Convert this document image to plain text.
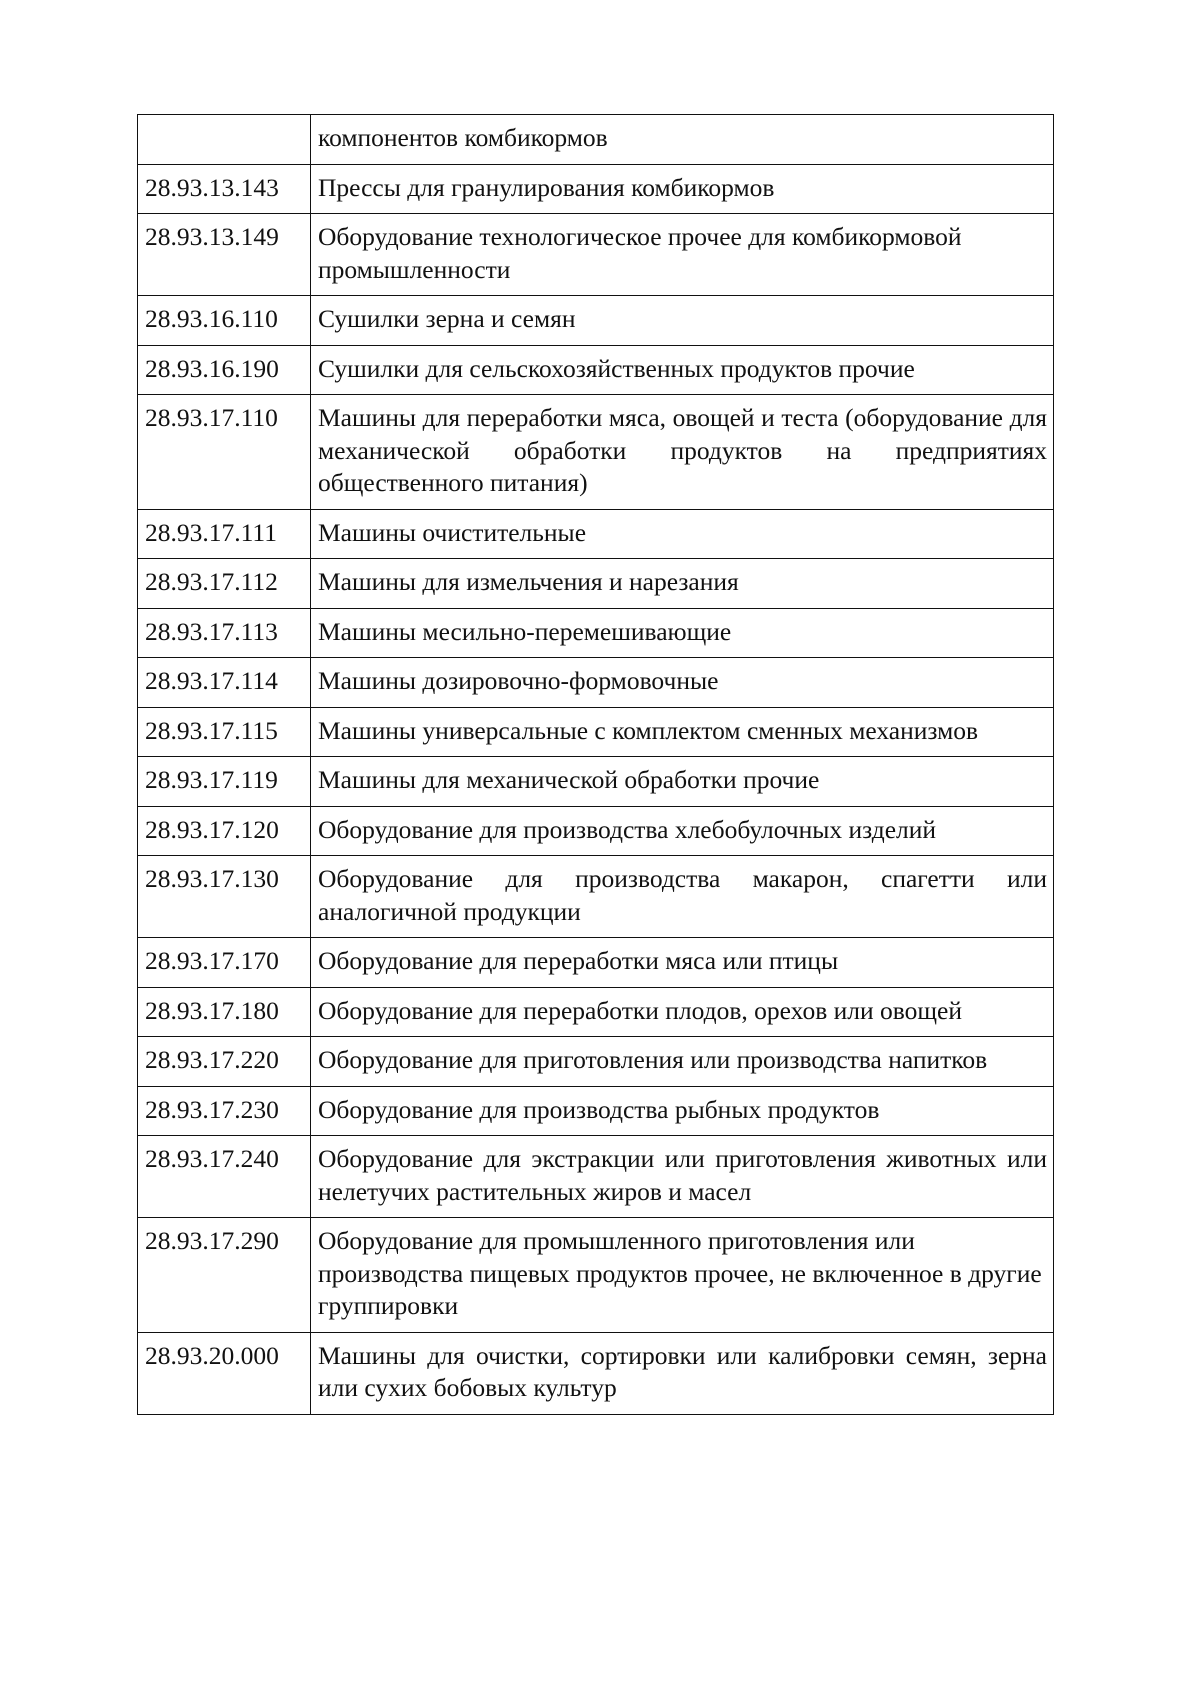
	компонентов комбикормов
28.93.13.143	Прессы для гранулирования комбикормов
28.93.13.149	Оборудование технологическое прочее для комбикормовой промышленности
28.93.16.110	Сушилки зерна и семян
28.93.16.190	Сушилки для сельскохозяйственных продуктов прочие
28.93.17.110	Машины для переработки мяса, овощей и теста (оборудование для механической обработки продуктов на предприятиях общественного питания)
28.93.17.111	Машины очистительные
28.93.17.112	Машины для измельчения и нарезания
28.93.17.113	Машины месильно-перемешивающие
28.93.17.114	Машины дозировочно-формовочные
28.93.17.115	Машины универсальные с комплектом сменных механизмов
28.93.17.119	Машины для механической обработки прочие
28.93.17.120	Оборудование для производства хлебобулочных изделий
28.93.17.130	Оборудование для производства макарон, спагетти или аналогичной продукции
28.93.17.170	Оборудование для переработки мяса или птицы
28.93.17.180	Оборудование для переработки плодов, орехов или овощей
28.93.17.220	Оборудование для приготовления или производства напитков
28.93.17.230	Оборудование для производства рыбных продуктов
28.93.17.240	Оборудование для экстракции или приготовления животных или нелетучих растительных жиров и масел
28.93.17.290	Оборудование для промышленного приготовления или производства пищевых продуктов прочее, не включенное в другие группировки
28.93.20.000	Машины для очистки, сортировки или калибровки семян, зерна или сухих бобовых культур
